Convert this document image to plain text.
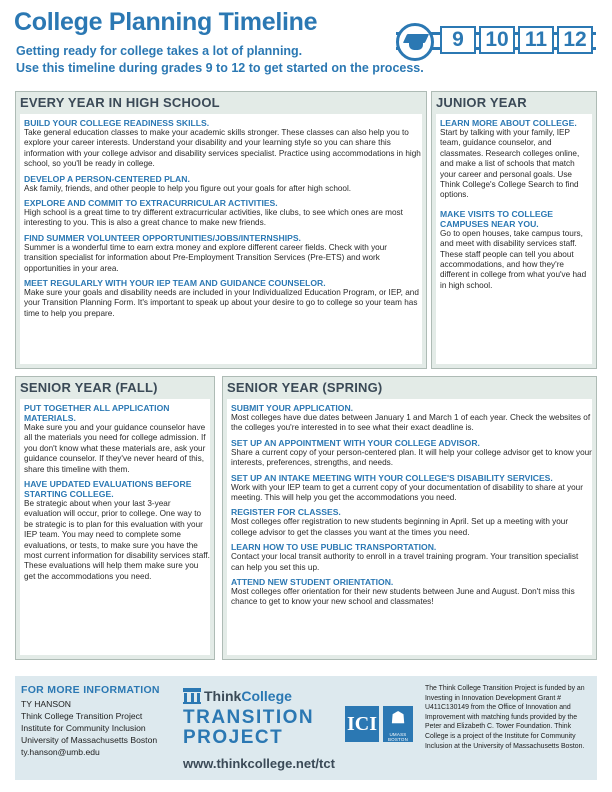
College Planning Timeline
Getting ready for college takes a lot of planning.
Use this timeline during grades 9 to 12 to get started on the process.
9	10 11 12
EVERY YEAR IN HIGH SCHOOL
BUILD YOUR COLLEGE READINESS SKILLS.
Take general education classes to make your academic skills stronger. These classes can also help you to explore your career interests. Understand your disability and your learning style so you can share this information with your college advisor and disability services specialist. Practice using accommodations in high school, so you'll be ready in college.
DEVELOP A PERSON-CENTERED PLAN.
Ask family, friends, and other people to help you figure out your goals for after high school.
EXPLORE AND COMMIT TO EXTRACURRICULAR ACTIVITIES.
High school is a great time to try different extracurricular activities, like clubs, to see which ones are most interesting to you. This is also a great chance to make new friends.
FIND SUMMER VOLUNTEER OPPORTUNITIES/JOBS/INTERNSHIPS.
Summer is a wonderful time to earn extra money and explore different career fields. Check with your transition specialist for information about Pre-Employment Transition Services (Pre-ETS) and work opportunities in your area.
MEET REGULARLY WITH YOUR IEP TEAM AND GUIDANCE COUNSELOR.
Make sure your goals and disability needs are included in your Individualized Education Program, or IEP, and your Transition Planning Form. It's important to speak up about your desire to go to college so your team has time to help you prepare.
JUNIOR YEAR
LEARN MORE ABOUT COLLEGE.
Start by talking with your family, IEP team, guidance counselor, and classmates. Research colleges online, and make a list of schools that match your career and personal goals. Use Think College's College Search to find options.
MAKE VISITS TO COLLEGE CAMPUSES NEAR YOU.
Go to open houses, take campus tours, and meet with disability services staff. These staff people can tell you about accommodations, and how they're different in college from what you've had in high school.
SENIOR YEAR (FALL)
PUT TOGETHER ALL APPLICATION MATERIALS.
Make sure you and your guidance counselor have all the materials you need for college admission. If you don't know what these materials are, ask your guidance counselor. If they've never heard of this, share this timeline with them.
HAVE UPDATED EVALUATIONS BEFORE STARTING COLLEGE.
Be strategic about when your last 3-year evaluation will occur, prior to college. One way to be strategic is to plan for this evaluation with your IEP team. You may need to complete some evaluations, or tests, to make sure you have the most current information for disability services staff. These evaluations will help them make sure you get the accommodations you need.
SENIOR YEAR (SPRING)
SUBMIT YOUR APPLICATION.
Most colleges have due dates between January 1 and March 1 of each year. Check the websites of the colleges you're interested in to see what their exact deadline is.
SET UP AN APPOINTMENT WITH YOUR COLLEGE ADVISOR.
Share a current copy of your person-centered plan. It will help your college advisor get to know your interests, preferences, strengths, and needs.
SET UP AN INTAKE MEETING WITH YOUR COLLEGE'S DISABILITY SERVICES.
Work with your IEP team to get a current copy of your documentation of disability to share at your meeting. This will help you get the accommodations you need.
REGISTER FOR CLASSES.
Most colleges offer registration to new students beginning in April. Set up a meeting with your college advisor to get the classes you want at the times you need.
LEARN HOW TO USE PUBLIC TRANSPORTATION.
Contact your local transit authority to enroll in a travel training program. Your transition specialist can help you set this up.
ATTEND NEW STUDENT ORIENTATION.
Most colleges offer orientation for their new students between June and August. Don't miss this chance to get to know your new school and classmates!
FOR MORE INFORMATION
TY HANSON
Think College Transition Project
Institute for Community Inclusion
University of Massachusetts Boston
ty.hanson@umb.edu
ThinkCollege
TRANSITION
PROJECT
www.thinkcollege.net/tct
ICI ☗
UMASS BOSTON
The Think College Transition Project is funded by an Investing in Innovation Development Grant # U411C130149 from the Office of Innovation and Improvement with matching funds provided by the Peter and Elizabeth C. Tower Foundation. Think College is a project of the Institute for Community Inclusion at the University of Massachusetts Boston.
